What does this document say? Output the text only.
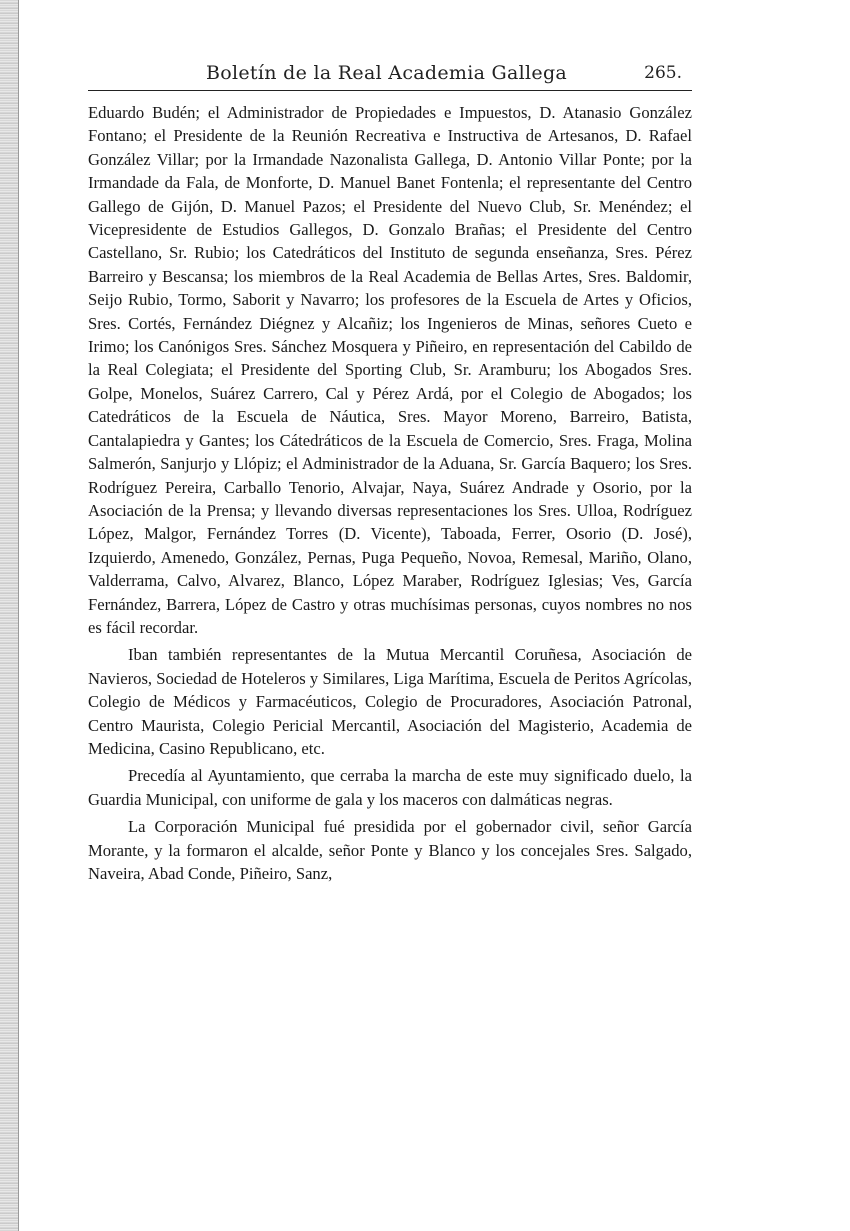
Boletín de la Real Academia Gallega	265.

Eduardo Budén; el Administrador de Propiedades e Impuestos, D. Atanasio González Fontano; el Presidente de la Reunión Recreativa e Instructiva de Artesanos, D. Rafael González Villar; por la Irmandade Nazonalista Gallega, D. Antonio Villar Ponte; por la Irmandade da Fala, de Monforte, D. Manuel Banet Fontenla; el representante del Centro Gallego de Gijón, D. Manuel Pazos; el Presidente del Nuevo Club, Sr. Menéndez; el Vicepresidente de Estudios Gallegos, D. Gonzalo Brañas; el Presidente del Centro Castellano, Sr. Rubio; los Catedráticos del Instituto de segunda enseñanza, Sres. Pérez Barreiro y Bescansa; los miembros de la Real Academia de Bellas Artes, Sres. Baldomir, Seijo Rubio, Tormo, Saborit y Navarro; los profesores de la Escuela de Artes y Oficios, Sres. Cortés, Fernández Diégnez y Alcañiz; los Ingenieros de Minas, señores Cueto e Irimo; los Canónigos Sres. Sánchez Mosquera y Piñeiro, en representación del Cabildo de la Real Colegiata; el Presidente del Sporting Club, Sr. Aramburu; los Abogados Sres. Golpe, Monelos, Suárez Carrero, Cal y Pérez Ardá, por el Colegio de Abogados; los Catedráticos de la Escuela de Náutica, Sres. Mayor Moreno, Barreiro, Batista, Cantalapiedra y Gantes; los Cátedráticos de la Escuela de Comercio, Sres. Fraga, Molina Salmerón, Sanjurjo y Llópiz; el Administrador de la Aduana, Sr. García Baquero; los Sres. Rodríguez Pereira, Carballo Tenorio, Alvajar, Naya, Suárez Andrade y Osorio, por la Asociación de la Prensa; y llevando diversas representaciones los Sres. Ulloa, Rodríguez López, Malgor, Fernández Torres (D. Vicente), Taboada, Ferrer, Osorio (D. José), Izquierdo, Amenedo, González, Pernas, Puga Pequeño, Novoa, Remesal, Mariño, Olano, Valderrama, Calvo, Alvarez, Blanco, López Maraber, Rodríguez Iglesias; Ves, García Fernández, Barrera, López de Castro y otras muchísimas personas, cuyos nombres no nos es fácil recordar.

Iban también representantes de la Mutua Mercantil Coruñesa, Asociación de Navieros, Sociedad de Hoteleros y Similares, Liga Marítima, Escuela de Peritos Agrícolas, Colegio de Médicos y Farmacéuticos, Colegio de Procuradores, Asociación Patronal, Centro Maurista, Colegio Pericial Mercantil, Asociación del Magisterio, Academia de Medicina, Casino Republicano, etc.

Precedía al Ayuntamiento, que cerraba la marcha de este muy significado duelo, la Guardia Municipal, con uniforme de gala y los maceros con dalmáticas negras.

La Corporación Municipal fué presidida por el gobernador civil, señor García Morante, y la formaron el alcalde, señor Ponte y Blanco y los concejales Sres. Salgado, Naveira, Abad Conde, Piñeiro, Sanz,
